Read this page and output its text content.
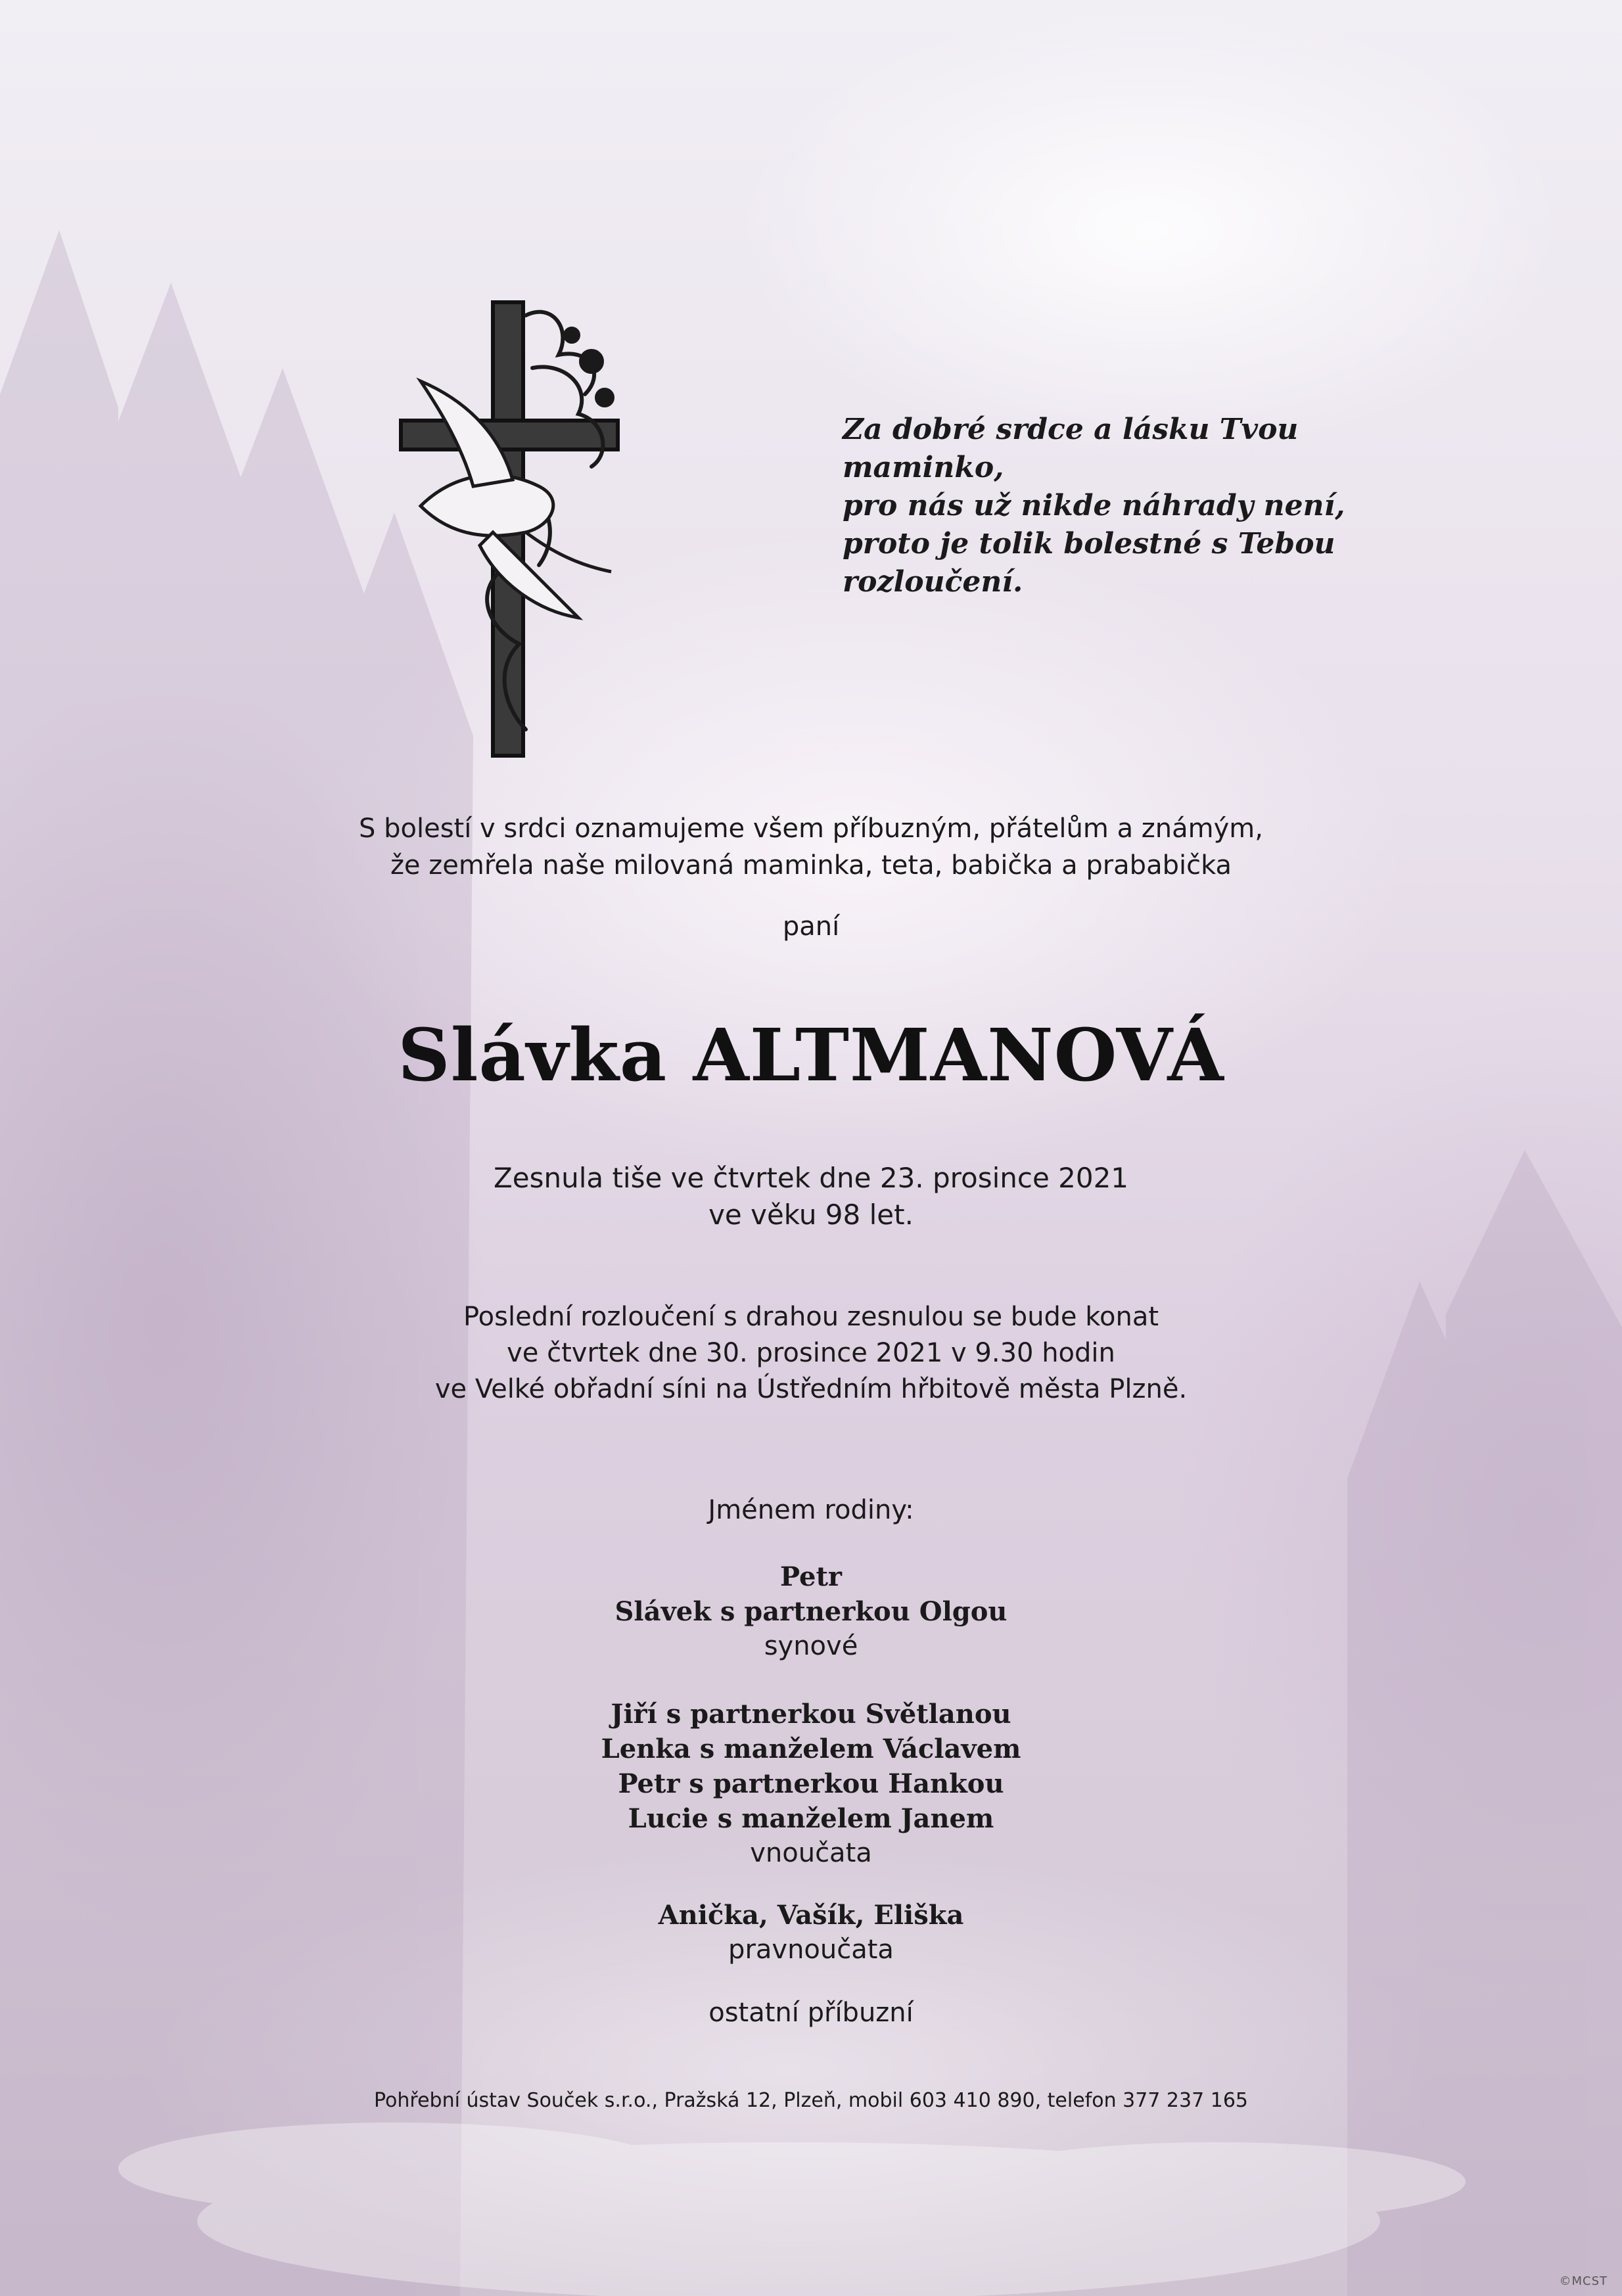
Za dobré srdce a lásku Tvou
maminko,
pro nás už nikde náhrady není,
proto je tolik bolestné s Tebou
rozloučení.
S bolestí v srdci oznamujeme všem příbuzným, přátelům a známým,
že zemřela naše milovaná maminka, teta, babička a prababička
paní
Slávka ALTMANOVÁ
Zesnula tiše ve čtvrtek dne 23. prosince 2021
ve věku 98 let.
Poslední rozloučení s drahou zesnulou se bude konat
ve čtvrtek dne 30. prosince 2021 v 9.30 hodin
ve Velké obřadní síni na Ústředním hřbitově města Plzně.
Jménem rodiny:
Petr
Slávek s partnerkou Olgou
synové
Jiří s partnerkou Světlanou
Lenka s manželem Václavem
Petr s partnerkou Hankou
Lucie s manželem Janem
vnoučata
Anička, Vašík, Eliška
pravnoučata
ostatní příbuzní
Pohřební ústav Souček s.r.o., Pražská 12, Plzeň, mobil 603 410 890, telefon 377 237 165
©MCST
